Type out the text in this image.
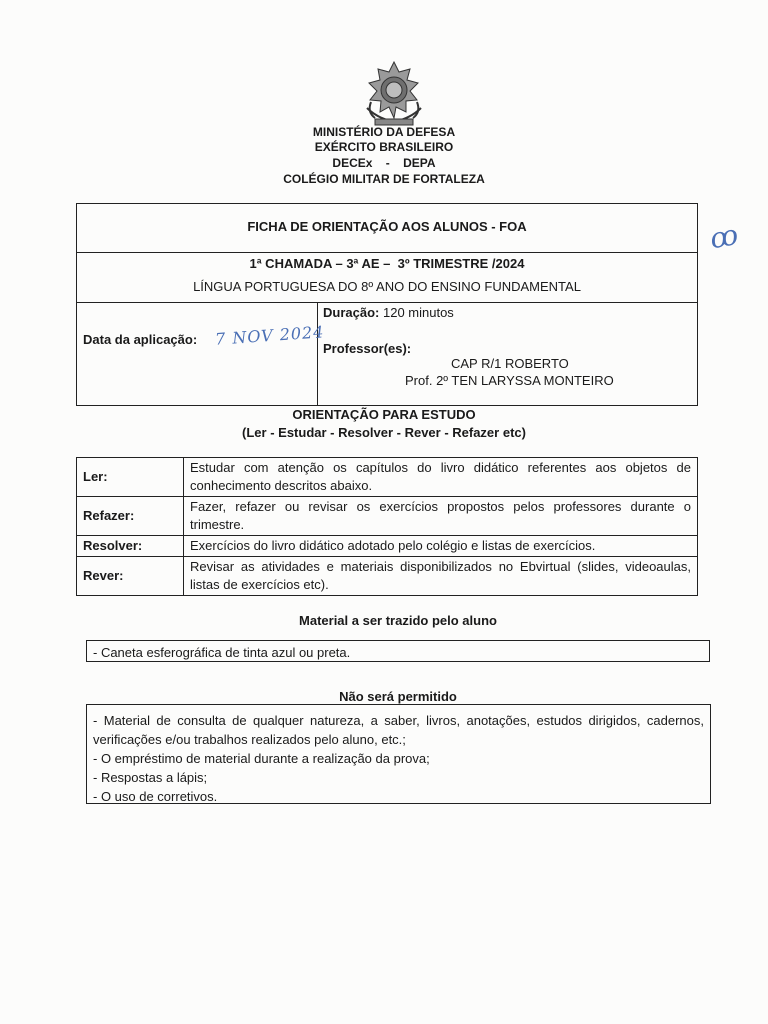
MINISTÉRIO DA DEFESA
EXÉRCITO BRASILEIRO
DECEx    -    DEPA
COLÉGIO MILITAR DE FORTALEZA
ꝏ
FICHA DE ORIENTAÇÃO AOS ALUNOS - FOA
1ª CHAMADA – 3ª AE –  3º TRIMESTRE /2024
LÍNGUA PORTUGUESA DO 8º ANO DO ENSINO FUNDAMENTAL
Data da aplicação: 7 NOV 2024
Duração: 120 minutos
Professor(es):
CAP R/1 ROBERTO
Prof. 2º TEN LARYSSA MONTEIRO
ORIENTAÇÃO PARA ESTUDO
(Ler - Estudar - Resolver - Rever - Refazer etc)
Ler:	Estudar com atenção os capítulos do livro didático referentes aos objetos de conhecimento descritos abaixo.
Refazer:	Fazer, refazer ou revisar os exercícios propostos pelos professores durante o trimestre.
Resolver:	Exercícios do livro didático adotado pelo colégio e listas de exercícios.
Rever:	Revisar as atividades e materiais disponibilizados no Ebvirtual (slides, videoaulas, listas de exercícios etc).
Material a ser trazido pelo aluno
- Caneta esferográfica de tinta azul ou preta.
Não será permitido
- Material de consulta de qualquer natureza, a saber, livros, anotações, estudos dirigidos, cadernos, verificações e/ou trabalhos realizados pelo aluno, etc.;
- O empréstimo de material durante a realização da prova;
- Respostas a lápis;
- O uso de corretivos.
